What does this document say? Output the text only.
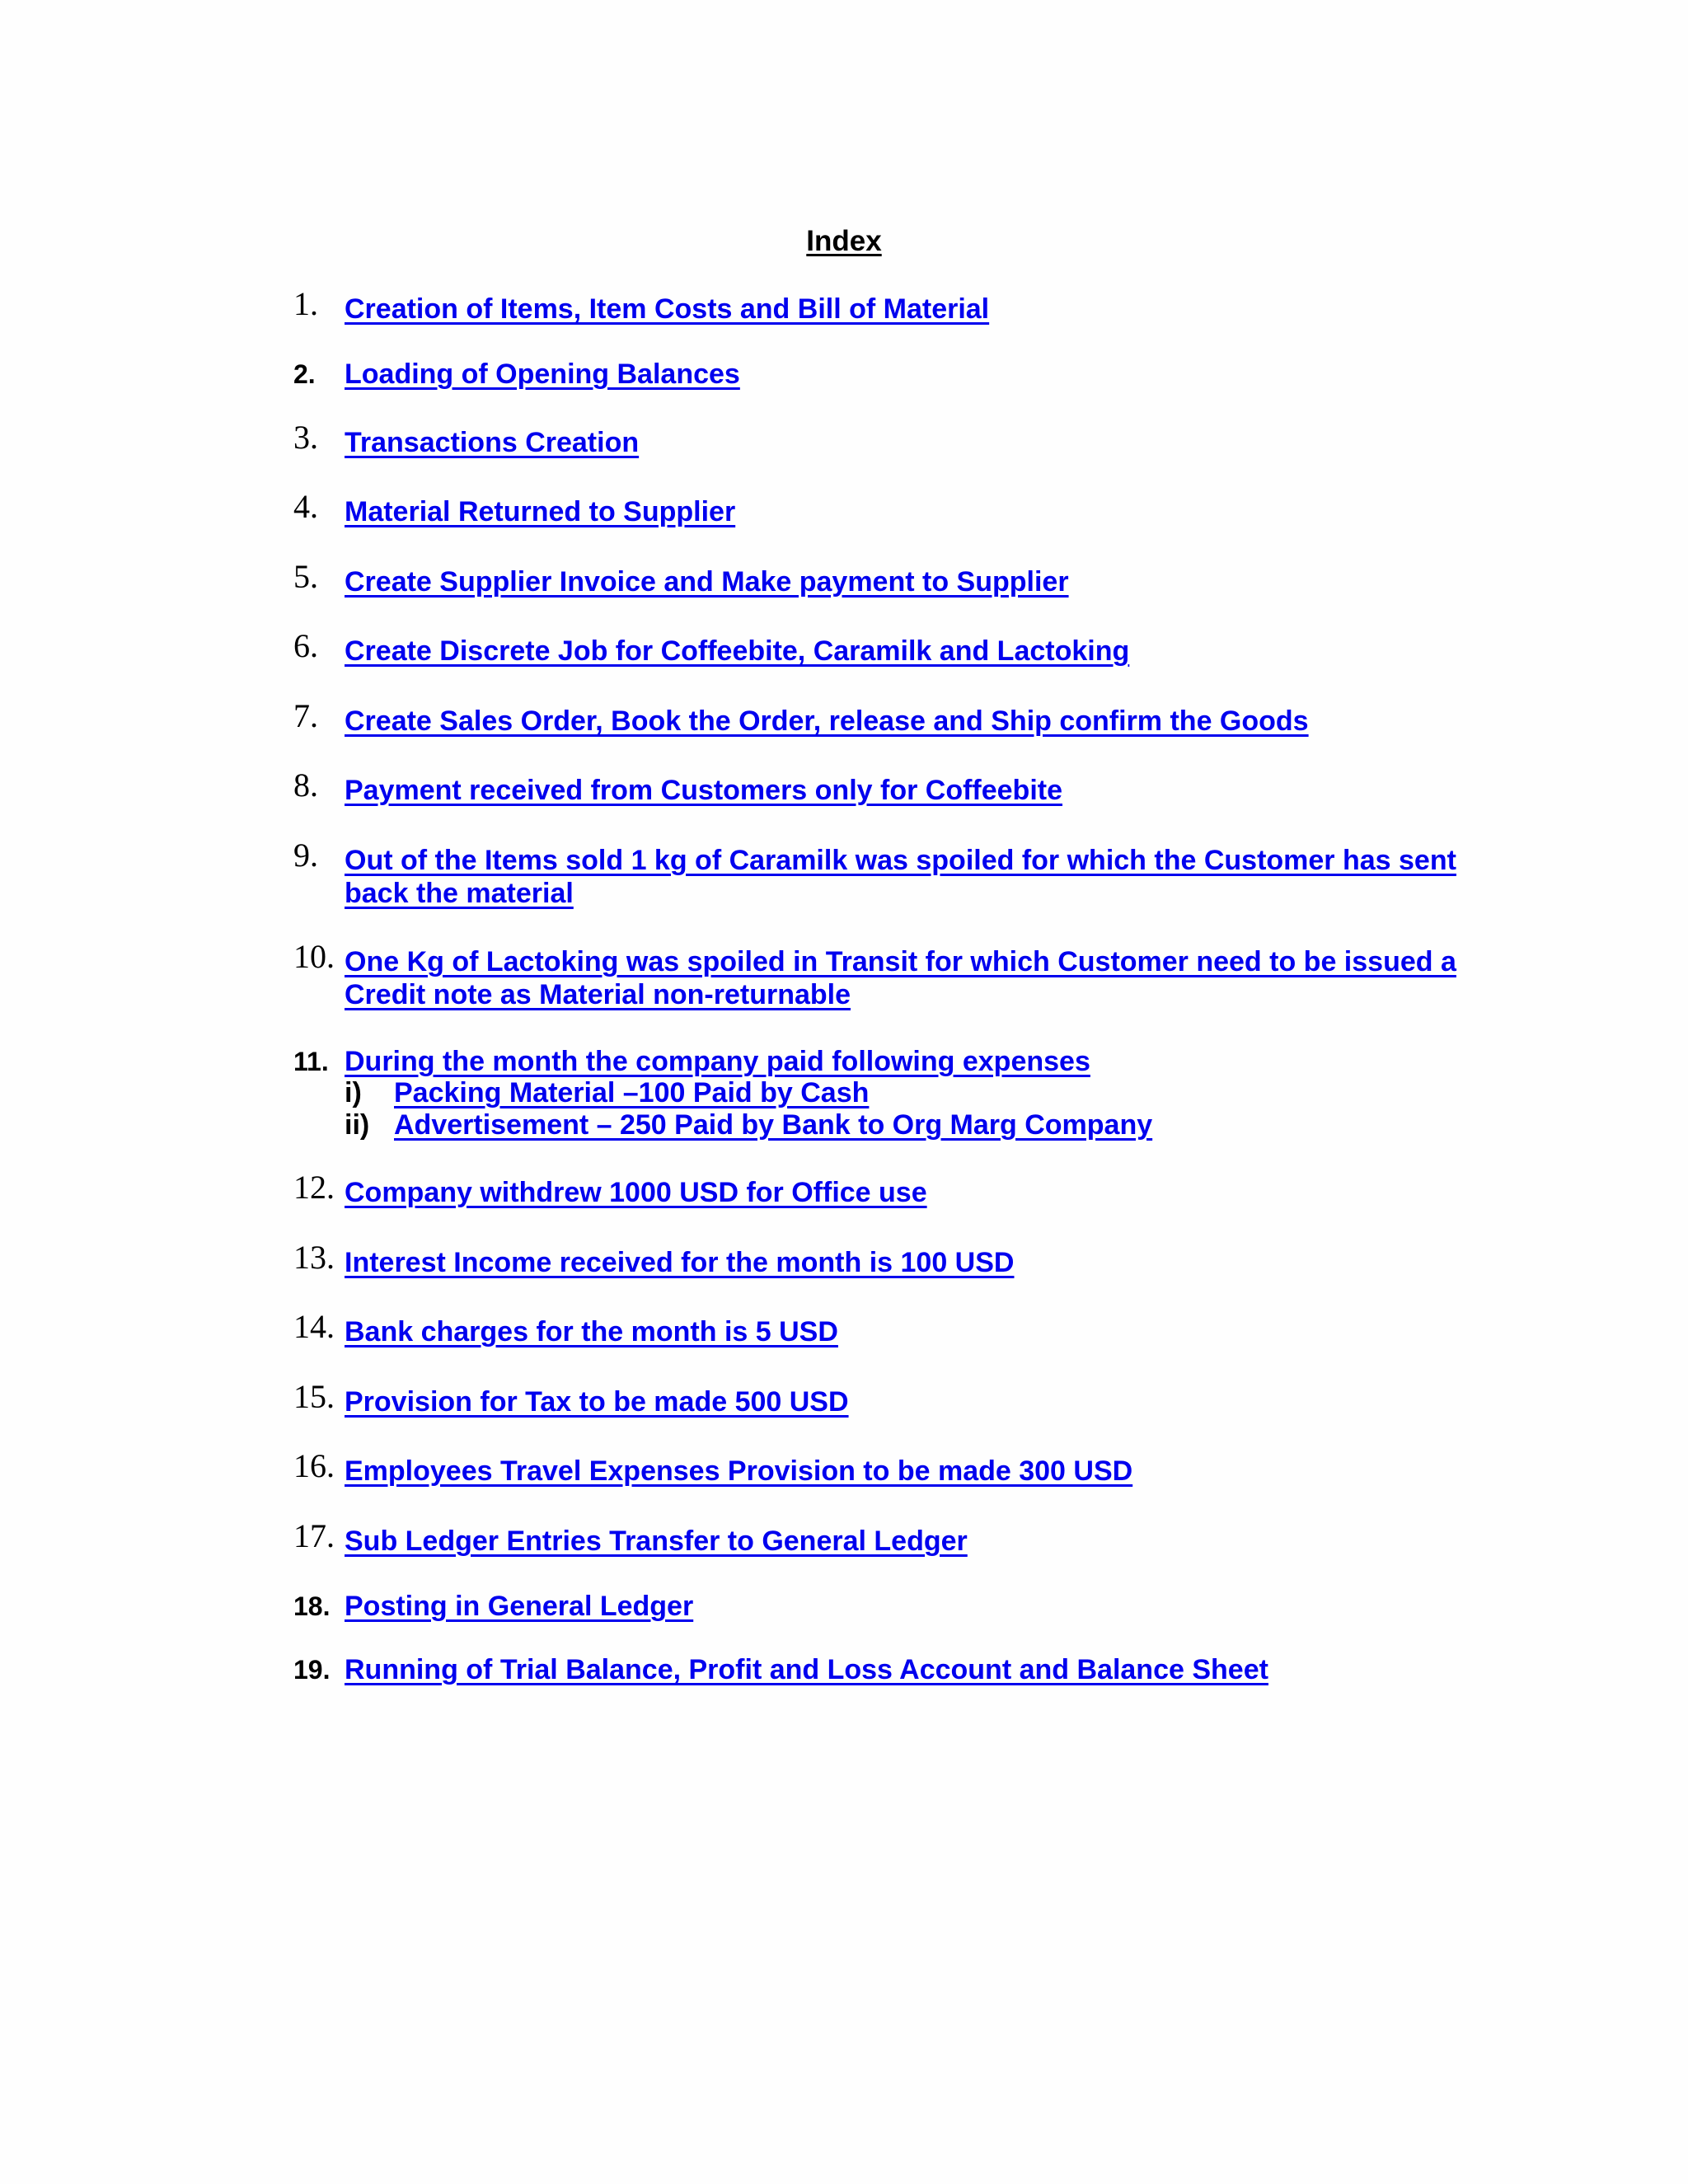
Index
1. Creation of Items, Item Costs and Bill of Material
2. Loading of Opening Balances
3. Transactions Creation
4. Material Returned to Supplier
5. Create Supplier Invoice and Make payment to Supplier
6. Create Discrete Job for Coffeebite, Caramilk and Lactoking
7. Create Sales Order, Book the Order, release and Ship confirm the Goods
8. Payment received from Customers only for Coffeebite
9. Out of the Items sold 1 kg of Caramilk was spoiled for which the Customer has sent back the material
10. One Kg of Lactoking was spoiled in Transit for which Customer need to be issued a Credit note as Material non-returnable
11. During the month the company paid following expenses
i) Packing Material –100 Paid by Cash
ii) Advertisement – 250 Paid by Bank to Org Marg Company
12. Company withdrew 1000 USD for Office use
13. Interest Income received for the month is 100 USD
14. Bank charges for the month is 5 USD
15. Provision for Tax to be made 500 USD
16. Employees Travel Expenses Provision to be made 300 USD
17. Sub Ledger Entries Transfer to General Ledger
18. Posting in General Ledger
19. Running of Trial Balance, Profit and Loss Account and Balance Sheet
